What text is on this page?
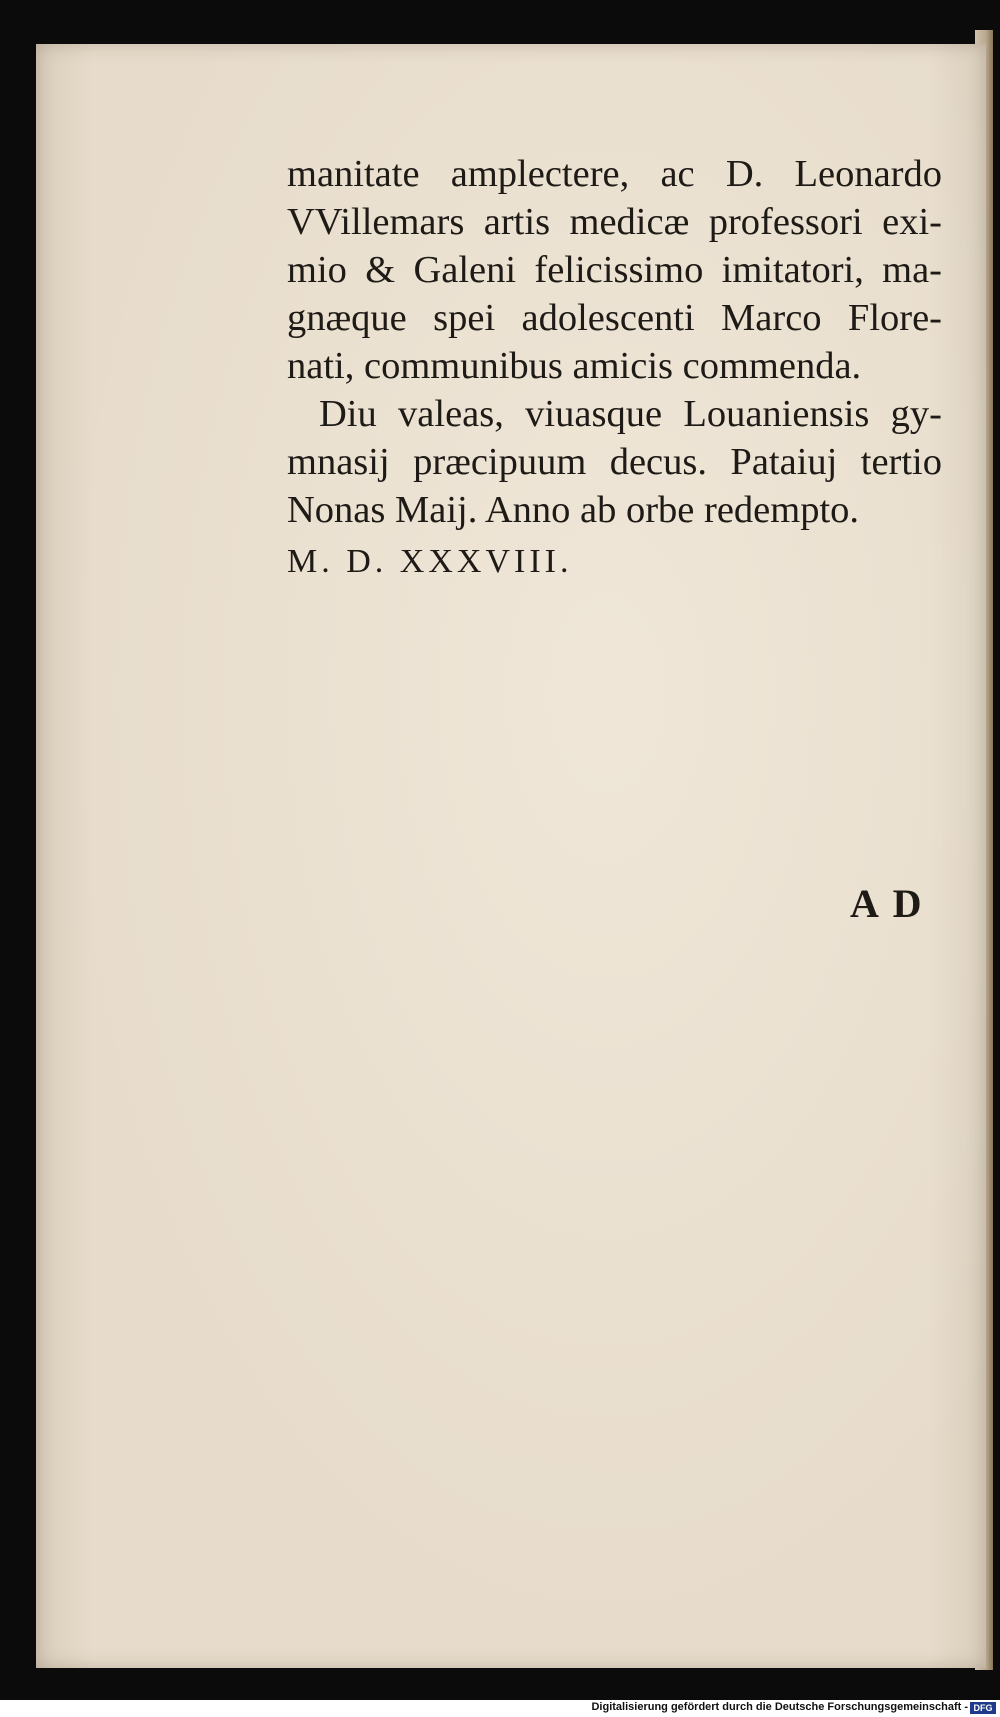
manitate amplectere, ac D. Leonardo
VVillemars artis medicæ professori exi-
mio & Galeni felicissimo imitatori, ma-
gnæque spei adolescenti Marco Flore-
nati, communibus amicis commenda.
Diu valeas, viuasque Louaniensis gy-
mnasij præcipuum decus. Pataiuj tertio
Nonas Maij. Anno ab orbe redempto.
M. D. XXXVIII.
A D
Digitalisierung gefördert durch die Deutsche Forschungsgemeinschaft - DFG
